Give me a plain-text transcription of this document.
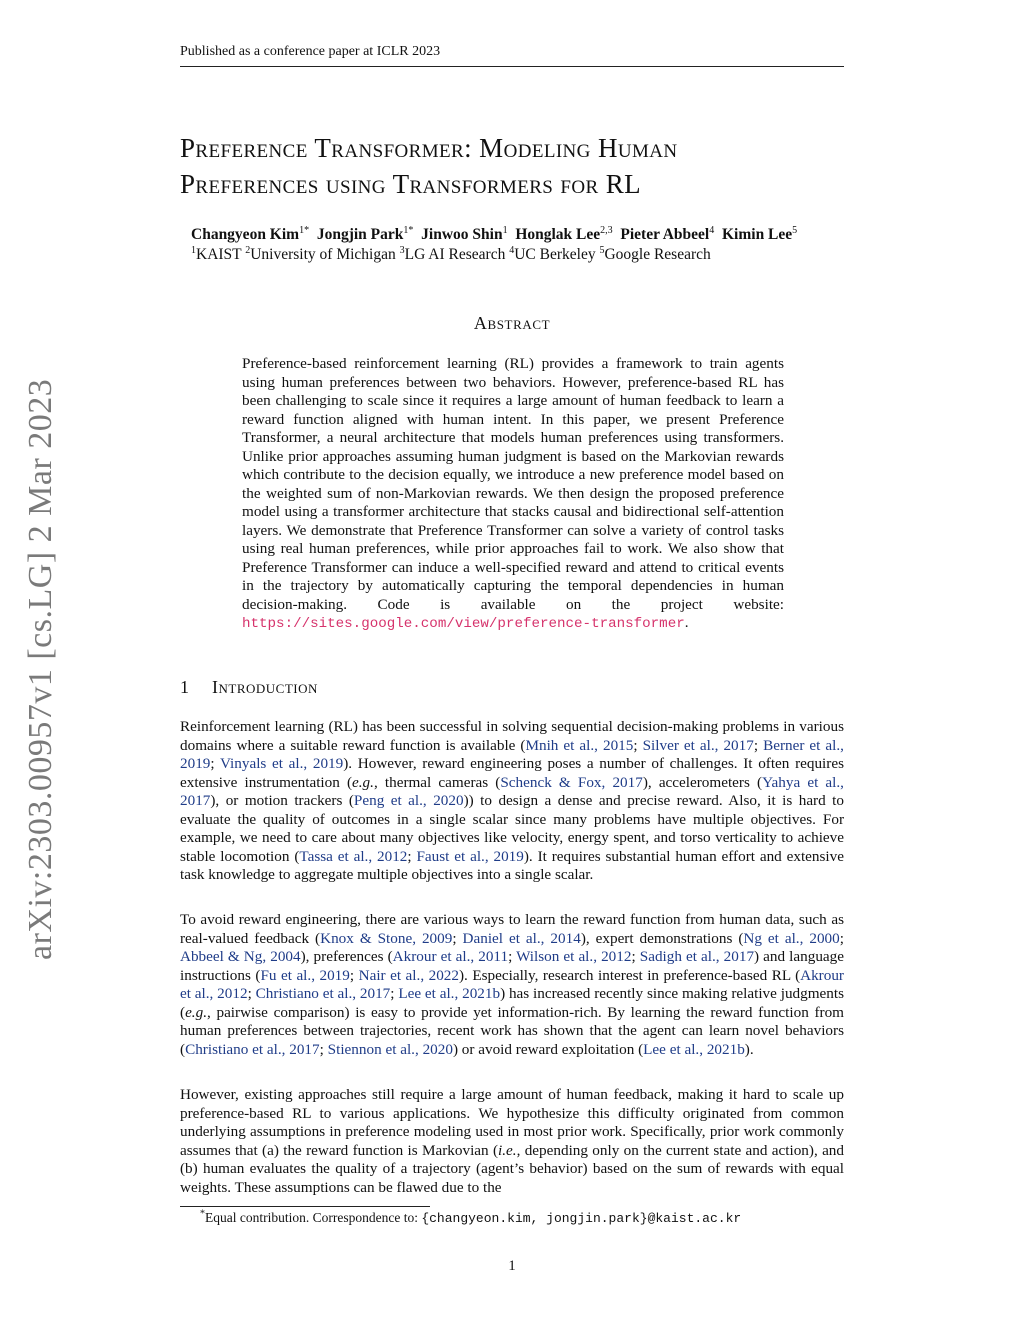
Published as a conference paper at ICLR 2023
arXiv:2303.00957v1 [cs.LG] 2 Mar 2023
Preference Transformer: Modeling Human
Preferences using Transformers for RL
Changyeon Kim$^{1*}$ Jongjin Park$^{1*}$ Jinwoo Shin$^1$ Honglak Lee$^{2,3}$ Pieter Abbeel$^4$ Kimin Lee$^5$
$^1$KAIST $^2$University of Michigan $^3$LG AI Research $^4$UC Berkeley $^5$Google Research
Abstract
Preference-based reinforcement learning (RL) provides a framework to train agents using human preferences between two behaviors. However, preference-based RL has been challenging to scale since it requires a large amount of human feedback to learn a reward function aligned with human intent. In this paper, we present Preference Transformer, a neural architecture that models human preferences using transformers. Unlike prior approaches assuming human judgment is based on the Markovian rewards which contribute to the decision equally, we introduce a new preference model based on the weighted sum of non-Markovian rewards. We then design the proposed preference model using a transformer architecture that stacks causal and bidirectional self-attention layers. We demonstrate that Preference Transformer can solve a variety of control tasks using real human preferences, while prior approaches fail to work. We also show that Preference Transformer can induce a well-specified reward and attend to critical events in the trajectory by automatically capturing the temporal dependencies in human decision-making. Code is available on the project website: https://sites.google.com/view/preference-transformer.
1 Introduction
Reinforcement learning (RL) has been successful in solving sequential decision-making problems in various domains where a suitable reward function is available (Mnih et al., 2015; Silver et al., 2017; Berner et al., 2019; Vinyals et al., 2019). However, reward engineering poses a number of challenges. It often requires extensive instrumentation (e.g., thermal cameras (Schenck & Fox, 2017), accelerometers (Yahya et al., 2017), or motion trackers (Peng et al., 2020)) to design a dense and precise reward. Also, it is hard to evaluate the quality of outcomes in a single scalar since many problems have multiple objectives. For example, we need to care about many objectives like velocity, energy spent, and torso verticality to achieve stable locomotion (Tassa et al., 2012; Faust et al., 2019). It requires substantial human effort and extensive task knowledge to aggregate multiple objectives into a single scalar.
To avoid reward engineering, there are various ways to learn the reward function from human data, such as real-valued feedback (Knox & Stone, 2009; Daniel et al., 2014), expert demonstrations (Ng et al., 2000; Abbeel & Ng, 2004), preferences (Akrour et al., 2011; Wilson et al., 2012; Sadigh et al., 2017) and language instructions (Fu et al., 2019; Nair et al., 2022). Especially, research interest in preference-based RL (Akrour et al., 2012; Christiano et al., 2017; Lee et al., 2021b) has increased recently since making relative judgments (e.g., pairwise comparison) is easy to provide yet information-rich. By learning the reward function from human preferences between trajectories, recent work has shown that the agent can learn novel behaviors (Christiano et al., 2017; Stiennon et al., 2020) or avoid reward exploitation (Lee et al., 2021b).
However, existing approaches still require a large amount of human feedback, making it hard to scale up preference-based RL to various applications. We hypothesize this difficulty originated from common underlying assumptions in preference modeling used in most prior work. Specifically, prior work commonly assumes that (a) the reward function is Markovian (i.e., depending only on the current state and action), and (b) human evaluates the quality of a trajectory (agent’s behavior) based on the sum of rewards with equal weights. These assumptions can be flawed due to the
*Equal contribution. Correspondence to: {changyeon.kim, jongjin.park}@kaist.ac.kr
1
